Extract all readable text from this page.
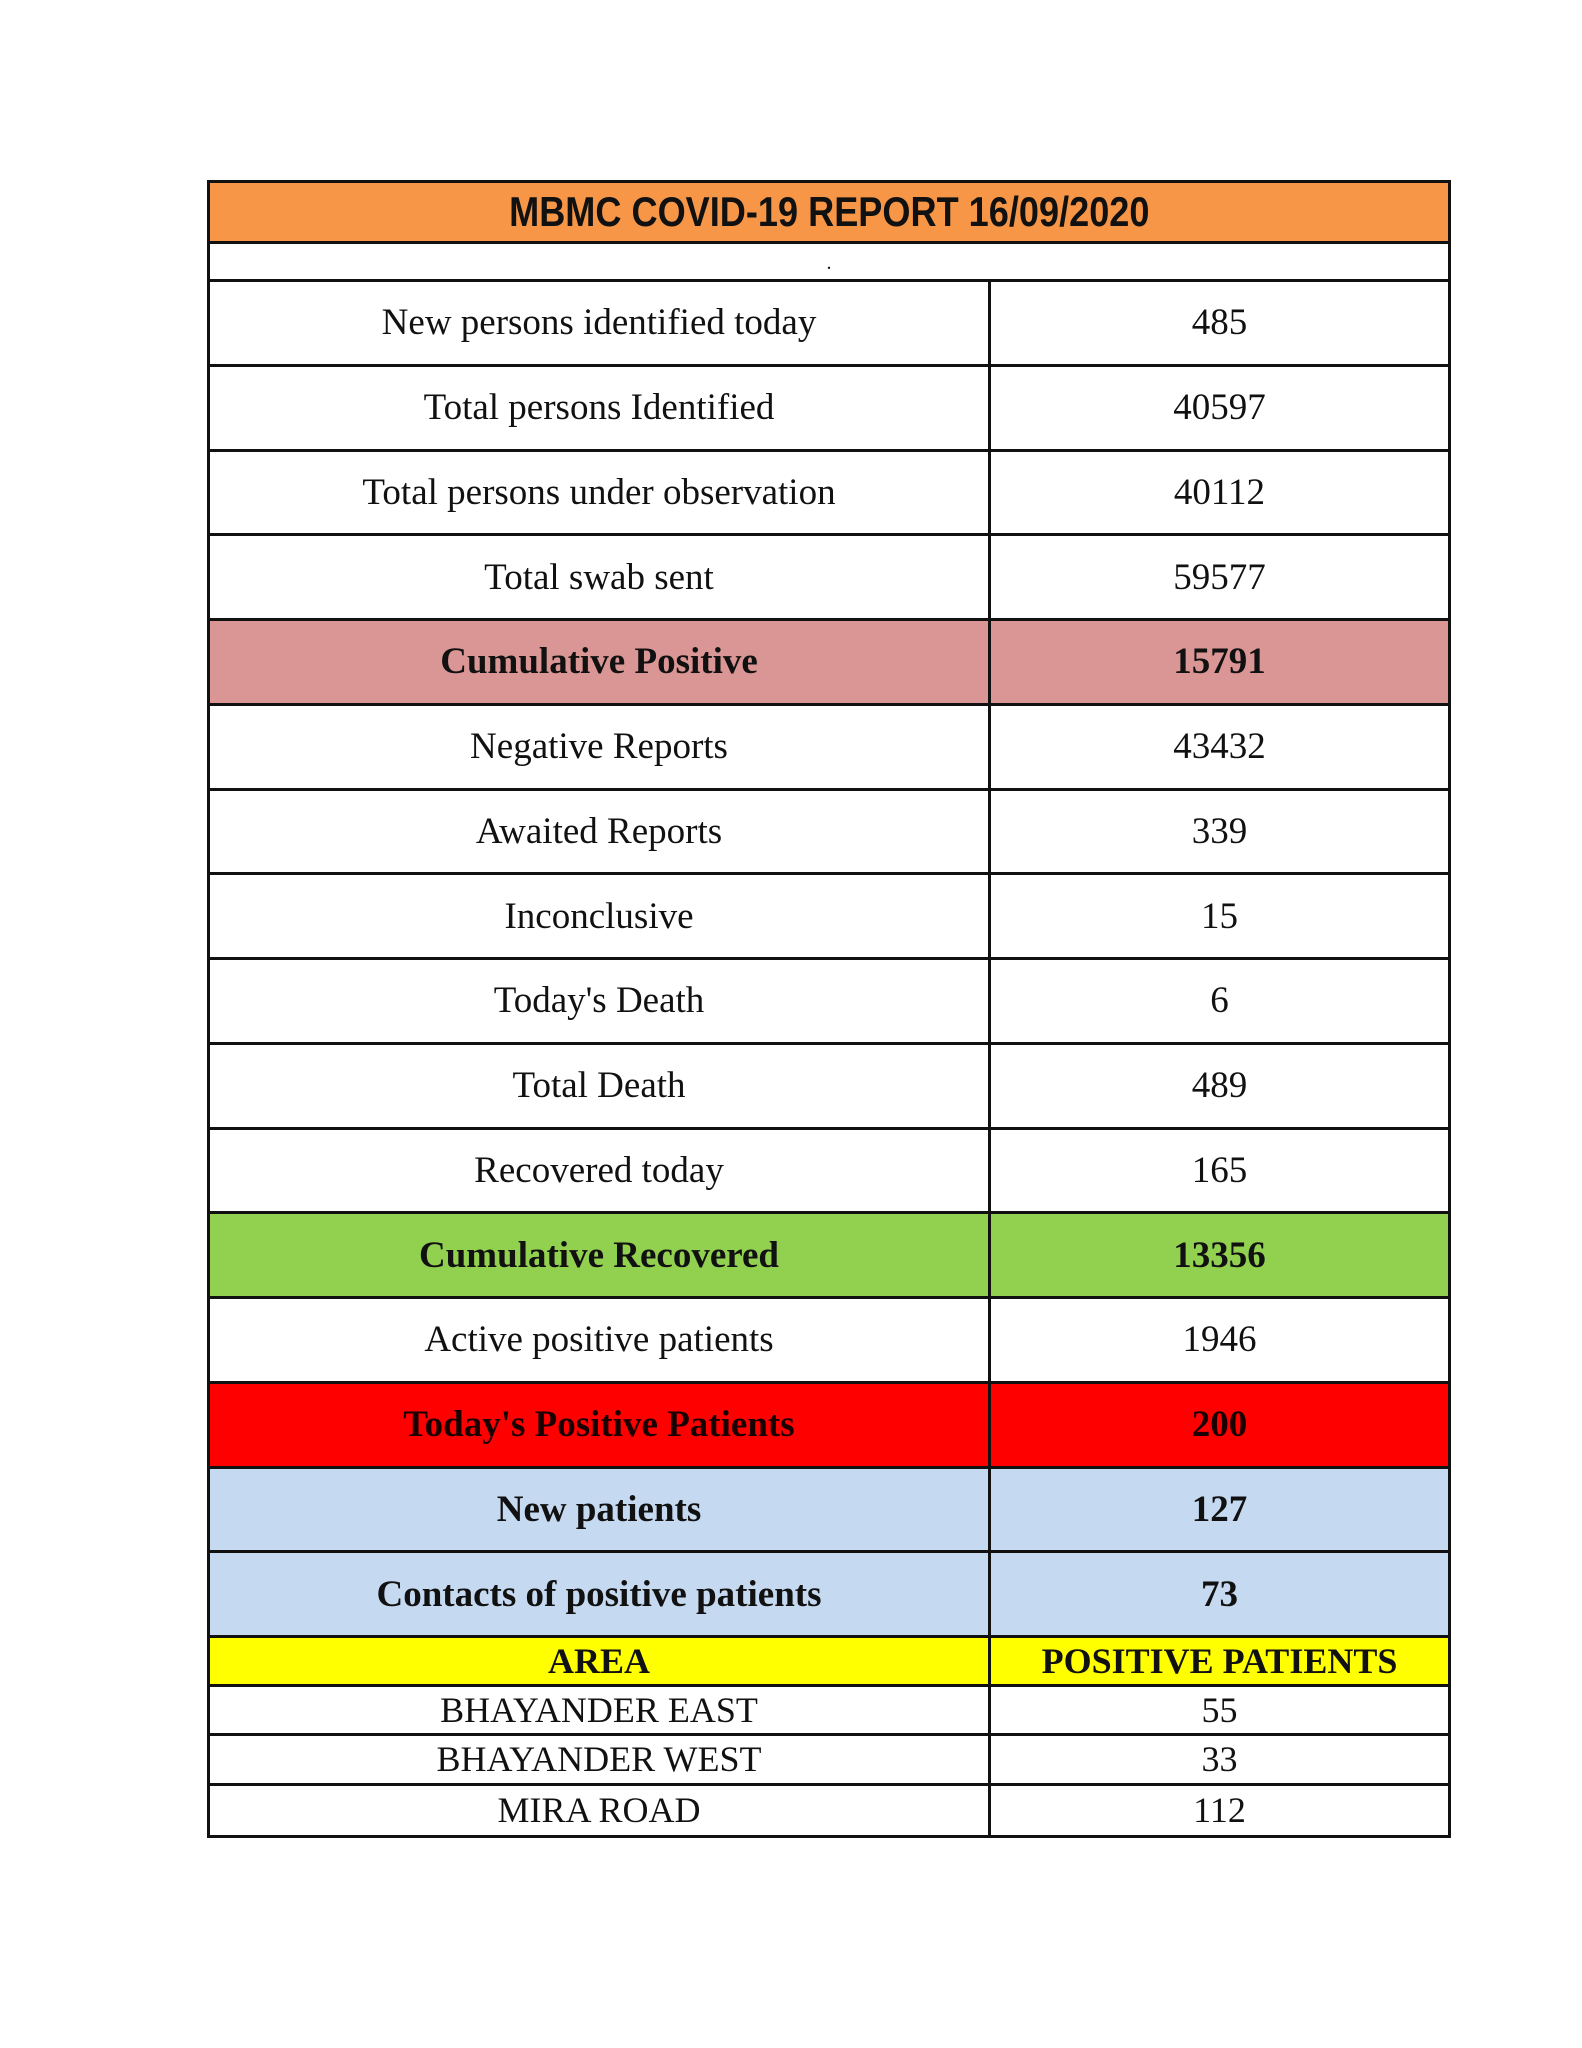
MBMC COVID-19 REPORT 16/09/2020
.
New persons identified today	485
Total persons Identified	40597
Total persons under observation	40112
Total swab sent	59577
Cumulative Positive	15791
Negative Reports	43432
Awaited Reports	339
Inconclusive	15
Today's Death	6
Total Death	489
Recovered today	165
Cumulative Recovered	13356
Active positive patients	1946
Today's Positive Patients	200
New patients	127
Contacts of positive patients	73
AREA	POSITIVE PATIENTS
BHAYANDER EAST	55
BHAYANDER WEST	33
MIRA ROAD	112
